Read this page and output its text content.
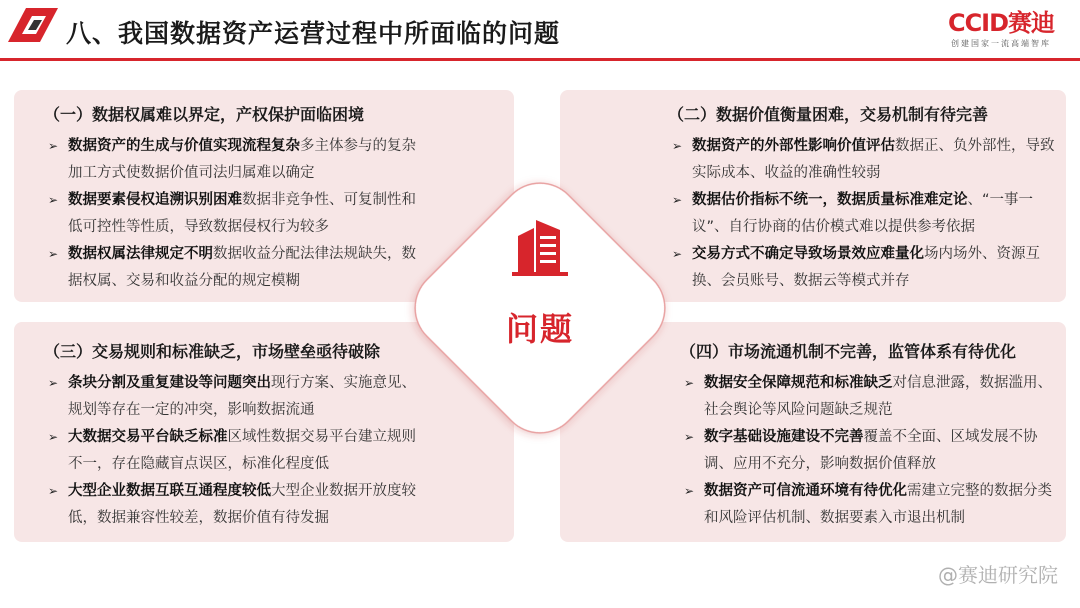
八、我国数据资产运营过程中所面临的问题	CCID赛迪
创建国家一流高端智库
问题
（一）数据权属难以界定，产权保护面临困境
➢ 数据资产的生成与价值实现流程复杂多主体参与的复杂加工方式使数据价值司法归属难以确定
➢ 数据要素侵权追溯识别困难数据非竞争性、可复制性和低可控性等性质，导致数据侵权行为较多
➢ 数据权属法律规定不明数据收益分配法律法规缺失，数据权属、交易和收益分配的规定模糊
（二）数据价值衡量困难，交易机制有待完善
➢ 数据资产的外部性影响价值评估数据正、负外部性，导致实际成本、收益的准确性较弱
➢ 数据估价指标不统一，数据质量标准难定论、“一事一议”、自行协商的估价模式难以提供参考依据
➢ 交易方式不确定导致场景效应难量化场内场外、资源互换、会员账号、数据云等模式并存
（三）交易规则和标准缺乏，市场壁垒亟待破除
➢ 条块分割及重复建设等问题突出现行方案、实施意见、规划等存在一定的冲突，影响数据流通
➢ 大数据交易平台缺乏标准区域性数据交易平台建立规则不一，存在隐藏盲点误区，标准化程度低
➢ 大型企业数据互联互通程度较低大型企业数据开放度较低，数据兼容性较差，数据价值有待发掘
（四）市场流通机制不完善，监管体系有待优化
➢ 数据安全保障规范和标准缺乏对信息泄露，数据滥用、社会舆论等风险问题缺乏规范
➢ 数字基础设施建设不完善覆盖不全面、区域发展不协调、应用不充分，影响数据价值释放
➢ 数据资产可信流通环境有待优化需建立完整的数据分类和风险评估机制、数据要素入市退出机制
@赛迪研究院
